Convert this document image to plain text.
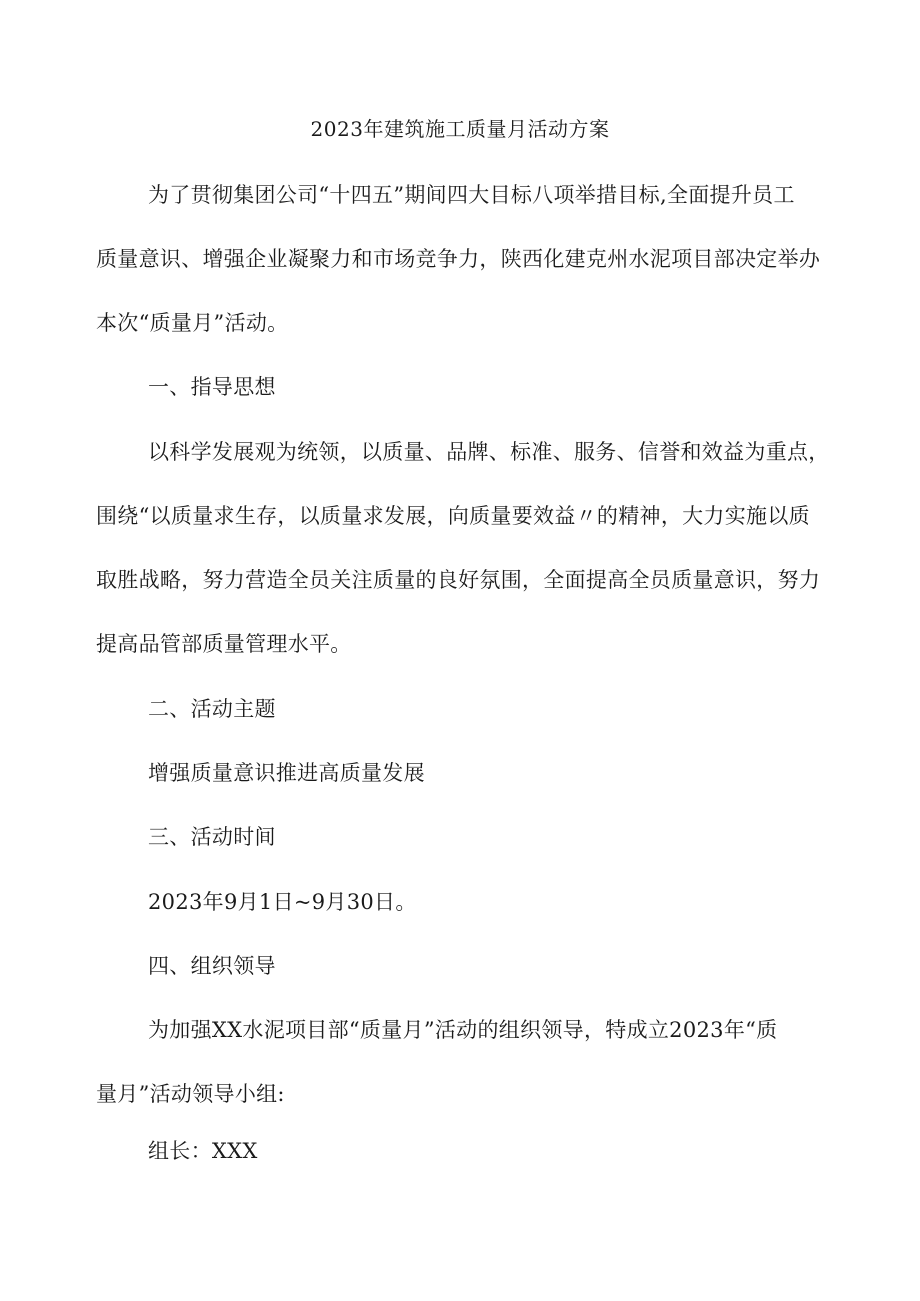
2023年建筑施工质量月活动方案
为了贯彻集团公司“十四五”期间四大目标八项举措目标,全面提升员工
质量意识、增强企业凝聚力和市场竞争力，陕西化建克州水泥项目部决定举办
本次“质量月”活动。
一、指导思想
以科学发展观为统领，以质量、品牌、标准、服务、信誉和效益为重点，
围绕“以质量求生存，以质量求发展，向质量要效益〃的精神，大力实施以质
取胜战略，努力营造全员关注质量的良好氛围，全面提高全员质量意识，努力
提高品管部质量管理水平。
二、活动主题
增强质量意识推进高质量发展
三、活动时间
2023年9月1日~9月30日。
四、组织领导
为加强XX水泥项目部“质量月”活动的组织领导，特成立2023年“质
量月”活动领导小组:
组长：XXX
